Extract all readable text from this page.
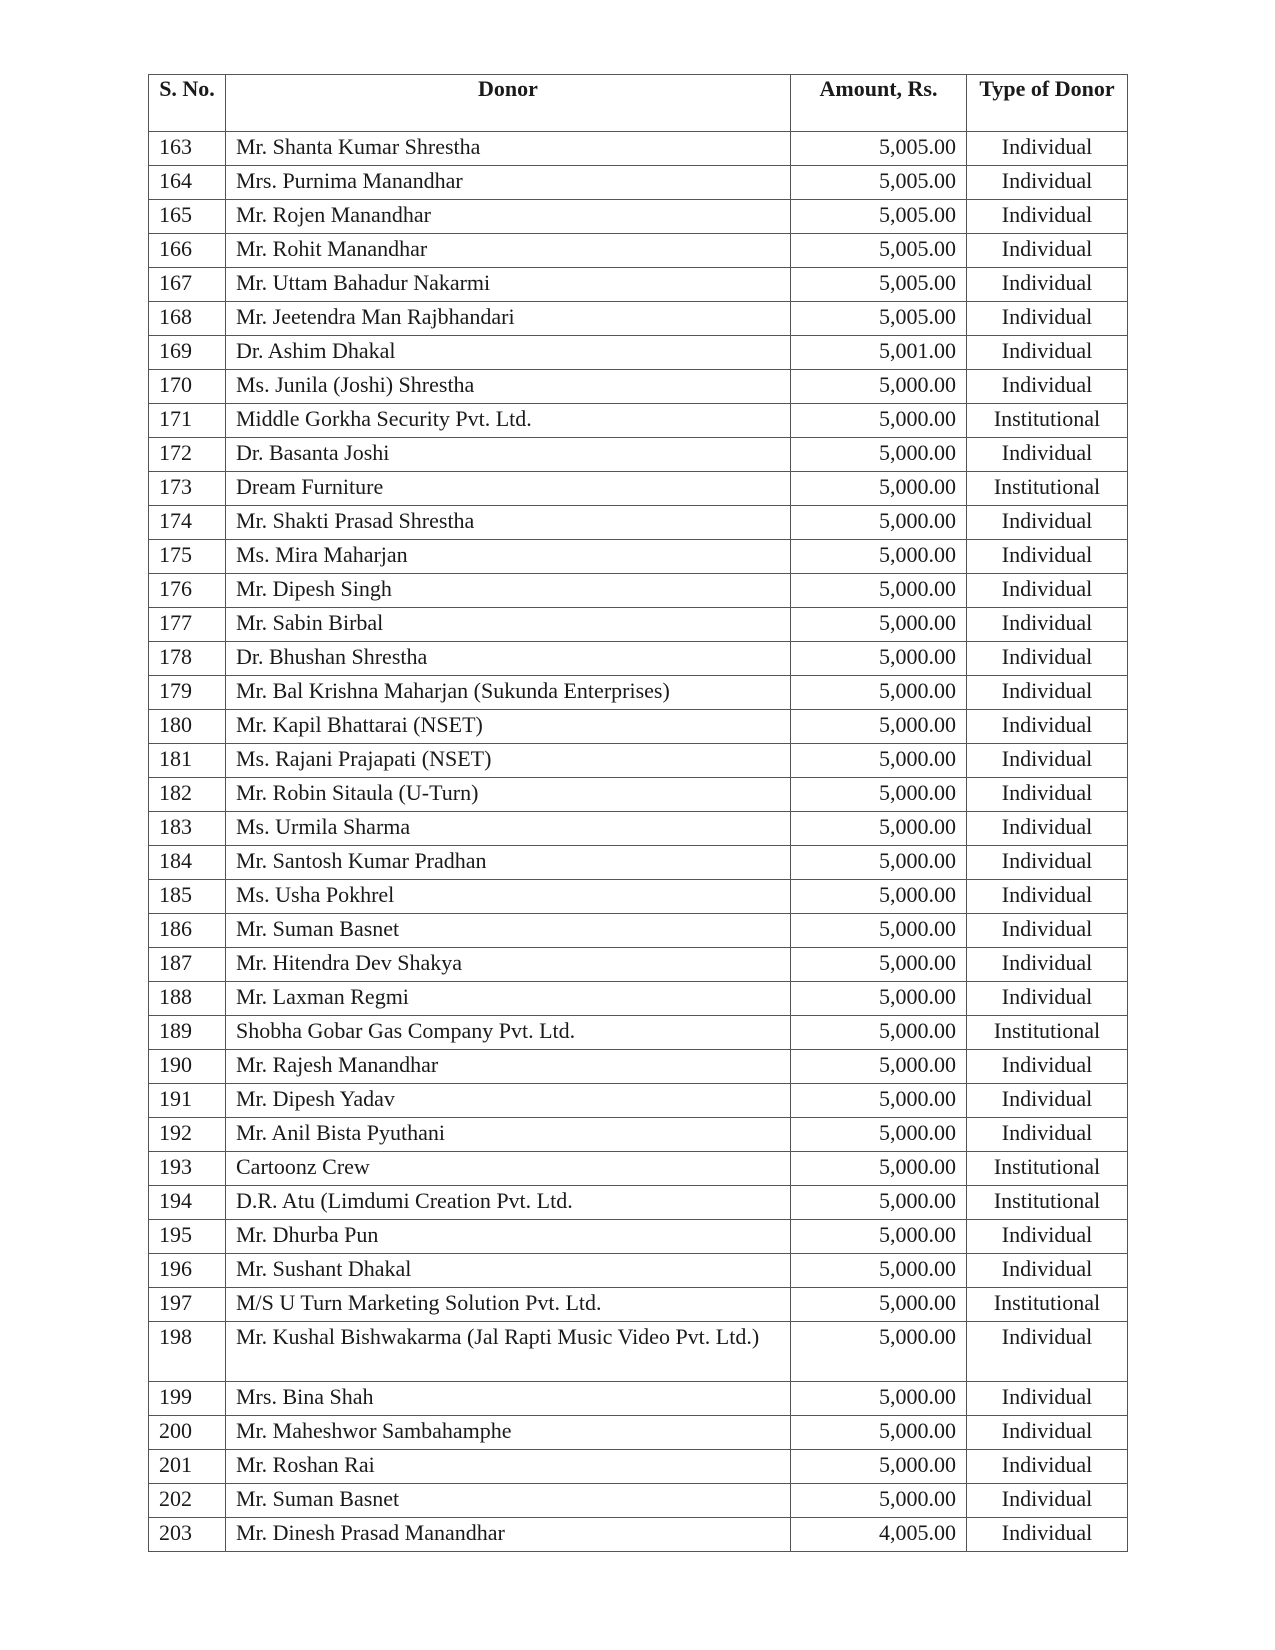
S. No.	Donor	Amount, Rs.	Type of Donor
163	Mr. Shanta Kumar Shrestha	5,005.00	Individual
164	Mrs. Purnima Manandhar	5,005.00	Individual
165	Mr. Rojen Manandhar	5,005.00	Individual
166	Mr. Rohit Manandhar	5,005.00	Individual
167	Mr. Uttam Bahadur Nakarmi	5,005.00	Individual
168	Mr. Jeetendra Man Rajbhandari	5,005.00	Individual
169	Dr. Ashim Dhakal	5,001.00	Individual
170	Ms. Junila (Joshi) Shrestha	5,000.00	Individual
171	Middle Gorkha Security Pvt. Ltd.	5,000.00	Institutional
172	Dr. Basanta Joshi	5,000.00	Individual
173	Dream Furniture	5,000.00	Institutional
174	Mr. Shakti Prasad Shrestha	5,000.00	Individual
175	Ms. Mira Maharjan	5,000.00	Individual
176	Mr. Dipesh Singh	5,000.00	Individual
177	Mr. Sabin Birbal	5,000.00	Individual
178	Dr. Bhushan Shrestha	5,000.00	Individual
179	Mr. Bal Krishna Maharjan (Sukunda Enterprises)	5,000.00	Individual
180	Mr. Kapil Bhattarai (NSET)	5,000.00	Individual
181	Ms. Rajani Prajapati (NSET)	5,000.00	Individual
182	Mr. Robin Sitaula (U-Turn)	5,000.00	Individual
183	Ms. Urmila Sharma	5,000.00	Individual
184	Mr. Santosh Kumar Pradhan	5,000.00	Individual
185	Ms. Usha Pokhrel	5,000.00	Individual
186	Mr. Suman Basnet	5,000.00	Individual
187	Mr. Hitendra Dev Shakya	5,000.00	Individual
188	Mr. Laxman Regmi	5,000.00	Individual
189	Shobha Gobar Gas Company Pvt. Ltd.	5,000.00	Institutional
190	Mr. Rajesh Manandhar	5,000.00	Individual
191	Mr. Dipesh Yadav	5,000.00	Individual
192	Mr. Anil Bista Pyuthani	5,000.00	Individual
193	Cartoonz Crew	5,000.00	Institutional
194	D.R. Atu (Limdumi Creation Pvt. Ltd.	5,000.00	Institutional
195	Mr. Dhurba Pun	5,000.00	Individual
196	Mr. Sushant Dhakal	5,000.00	Individual
197	M/S U Turn Marketing Solution Pvt. Ltd.	5,000.00	Institutional
198	Mr. Kushal Bishwakarma (Jal Rapti Music Video Pvt. Ltd.)	5,000.00	Individual
199	Mrs. Bina Shah	5,000.00	Individual
200	Mr. Maheshwor Sambahamphe	5,000.00	Individual
201	Mr. Roshan Rai	5,000.00	Individual
202	Mr. Suman Basnet	5,000.00	Individual
203	Mr. Dinesh Prasad Manandhar	4,005.00	Individual
